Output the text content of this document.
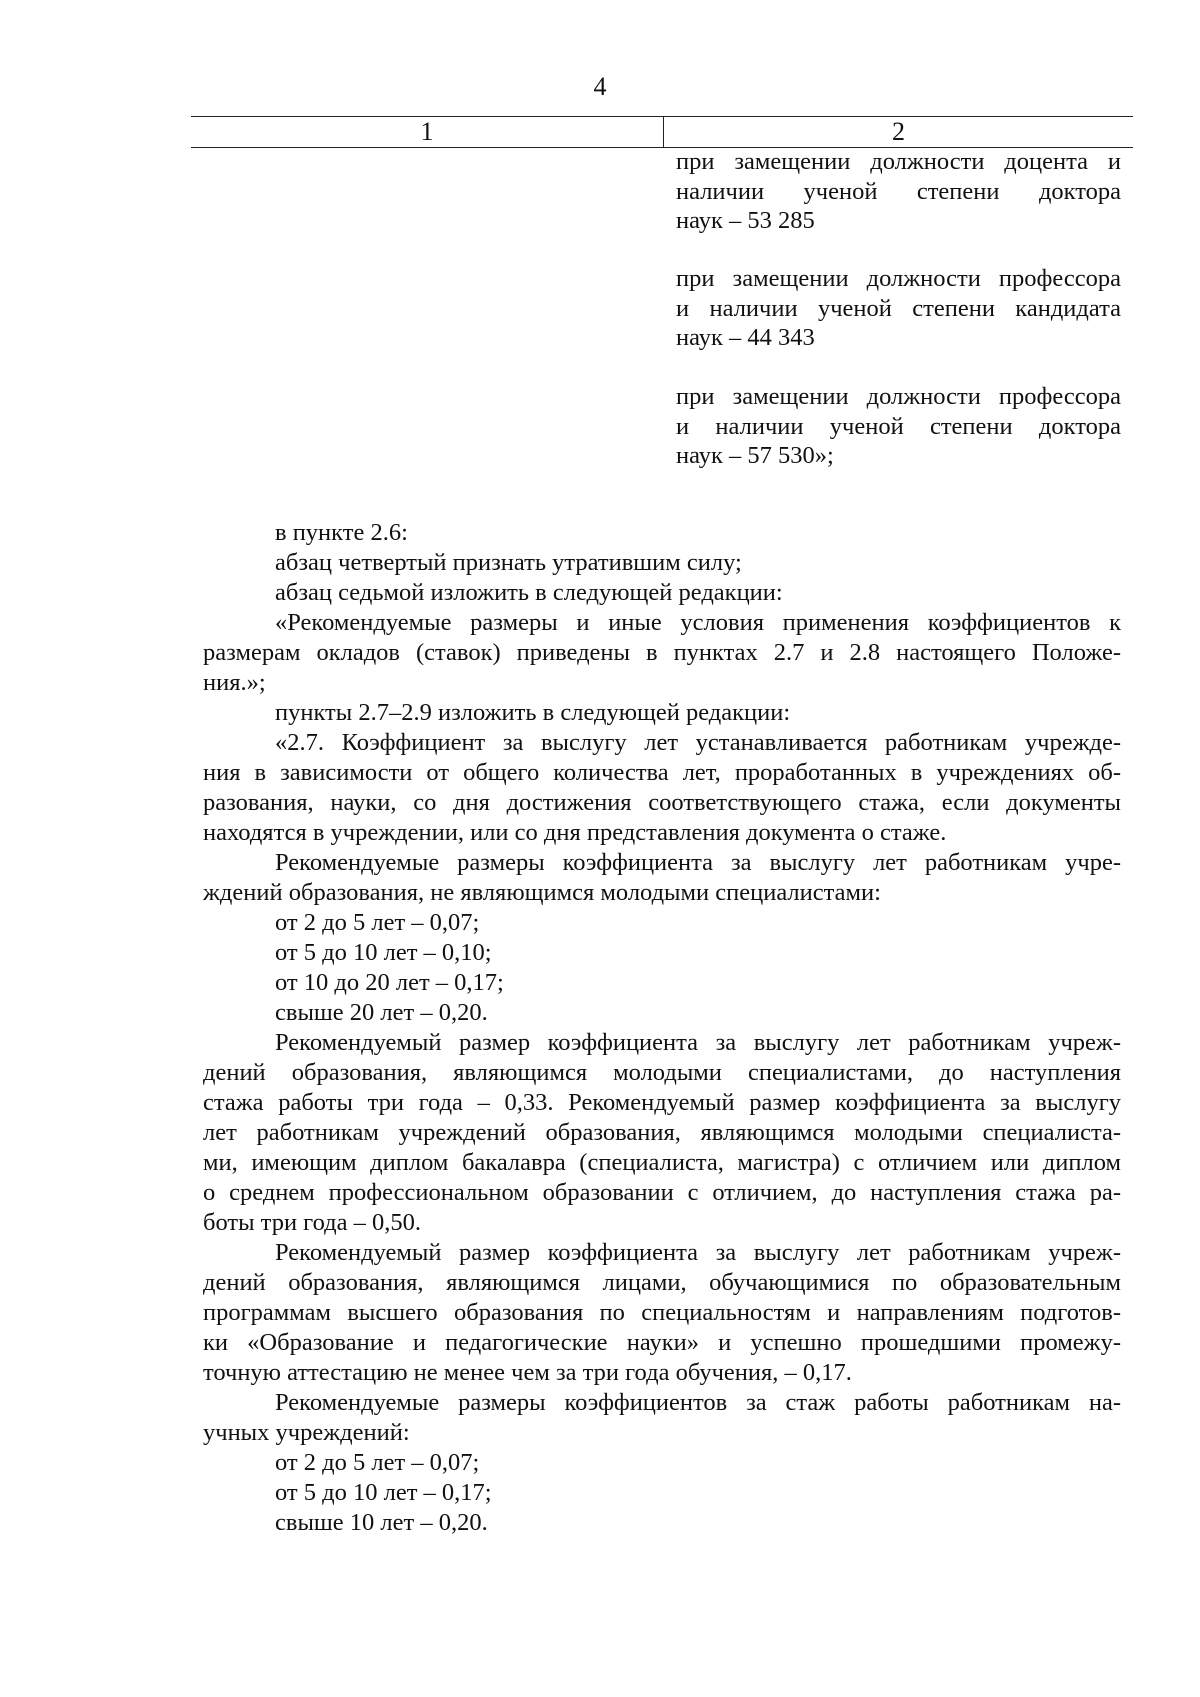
4
1	2
при замещении должности доцента и
наличии ученой степени доктора
наук – 53 285
при замещении должности профессора
и наличии ученой степени кандидата
наук – 44 343
при замещении должности профессора
и наличии ученой степени доктора
наук – 57 530»;
в пункте 2.6:
абзац четвертый признать утратившим силу;
абзац седьмой изложить в следующей редакции:
«Рекомендуемые размеры и иные условия применения коэффициентов к
размерам окладов (ставок) приведены в пунктах 2.7 и 2.8 настоящего Положе-
ния.»;
пункты 2.7–2.9 изложить в следующей редакции:
«2.7. Коэффициент за выслугу лет устанавливается работникам учрежде-
ния в зависимости от общего количества лет, проработанных в учреждениях об-
разования, науки, со дня достижения соответствующего стажа, если документы
находятся в учреждении, или со дня представления документа о стаже.
Рекомендуемые размеры коэффициента за выслугу лет работникам учре-
ждений образования, не являющимся молодыми специалистами:
от 2 до 5 лет – 0,07;
от 5 до 10 лет – 0,10;
от 10 до 20 лет – 0,17;
свыше 20 лет – 0,20.
Рекомендуемый размер коэффициента за выслугу лет работникам учреж-
дений образования, являющимся молодыми специалистами, до наступления
стажа работы три года – 0,33. Рекомендуемый размер коэффициента за выслугу
лет работникам учреждений образования, являющимся молодыми специалиста-
ми, имеющим диплом бакалавра (специалиста, магистра) с отличием или диплом
о среднем профессиональном образовании с отличием, до наступления стажа ра-
боты три года – 0,50.
Рекомендуемый размер коэффициента за выслугу лет работникам учреж-
дений образования, являющимся лицами, обучающимися по образовательным
программам высшего образования по специальностям и направлениям подготов-
ки «Образование и педагогические науки» и успешно прошедшими промежу-
точную аттестацию не менее чем за три года обучения, – 0,17.
Рекомендуемые размеры коэффициентов за стаж работы работникам на-
учных учреждений:
от 2 до 5 лет – 0,07;
от 5 до 10 лет – 0,17;
свыше 10 лет – 0,20.
